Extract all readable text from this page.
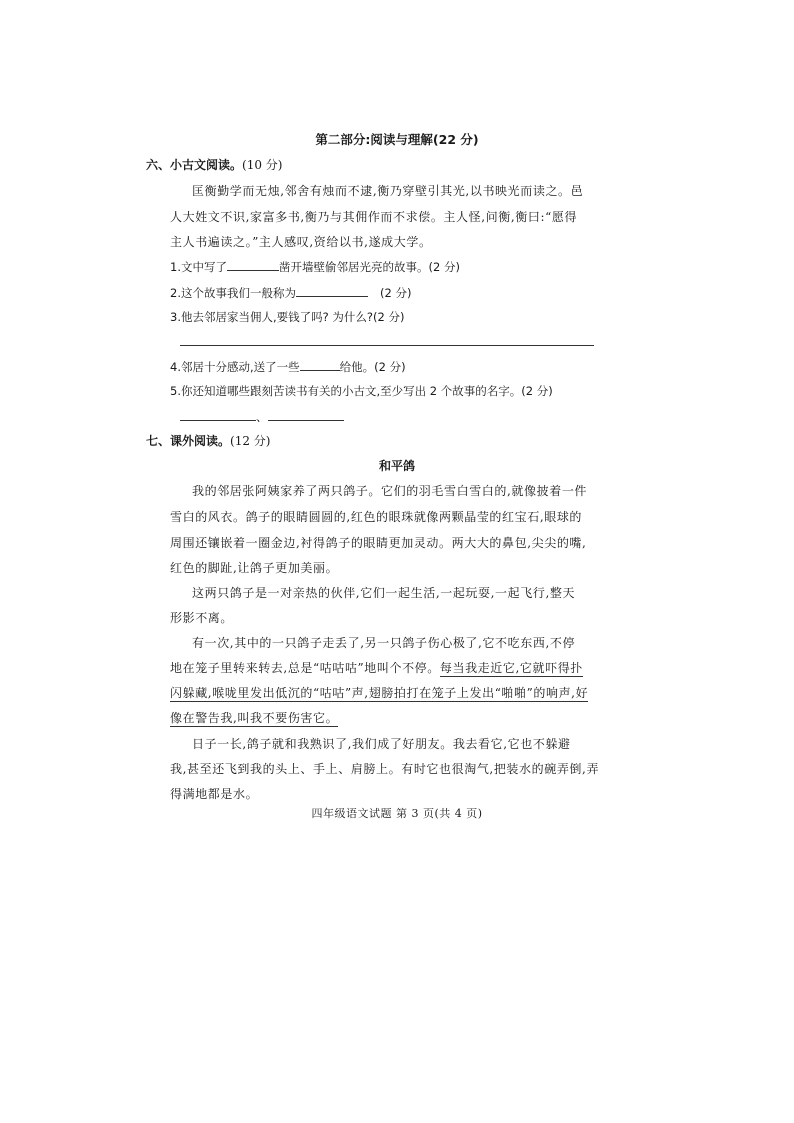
第二部分:阅读与理解(22 分)
六、小古文阅读。(10 分)
匡衡勤学而无烛,邻舍有烛而不逮,衡乃穿壁引其光,以书映光而读之。邑
人大姓文不识,家富多书,衡乃与其佣作而不求偿。主人怪,问衡,衡曰:“愿得
主人书遍读之。”主人感叹,资给以书,遂成大学。
1.文中写了	凿开墙壁偷邻居光亮的故事。(2 分)
2.这个故事我们一般称为	(2 分)
3.他去邻居家当佣人,要钱了吗? 为什么?(2 分)
4.邻居十分感动,送了一些	给他。(2 分)
5.你还知道哪些跟刻苦读书有关的小古文,至少写出 2 个故事的名字。(2 分)
、
七、课外阅读。(12 分)
和平鸽
我的邻居张阿姨家养了两只鸽子。它们的羽毛雪白雪白的,就像披着一件
雪白的风衣。鸽子的眼睛圆圆的,红色的眼珠就像两颗晶莹的红宝石,眼球的
周围还镶嵌着一圈金边,衬得鸽子的眼睛更加灵动。两大大的鼻包,尖尖的嘴,
红色的脚趾,让鸽子更加美丽。
这两只鸽子是一对亲热的伙伴,它们一起生活,一起玩耍,一起飞行,整天
形影不离。
有一次,其中的一只鸽子走丢了,另一只鸽子伤心极了,它不吃东西,不停
地在笼子里转来转去,总是“咕咕咕”地叫个不停。每当我走近它,它就吓得扑
闪躲藏,喉咙里发出低沉的“咕咕”声,翅膀拍打在笼子上发出“啪啪”的响声,好
像在警告我,叫我不要伤害它。
日子一长,鸽子就和我熟识了,我们成了好朋友。我去看它,它也不躲避
我,甚至还飞到我的头上、手上、肩膀上。有时它也很淘气,把装水的碗弄倒,弄
得满地都是水。
四年级语文试题 第 3 页(共 4 页)
